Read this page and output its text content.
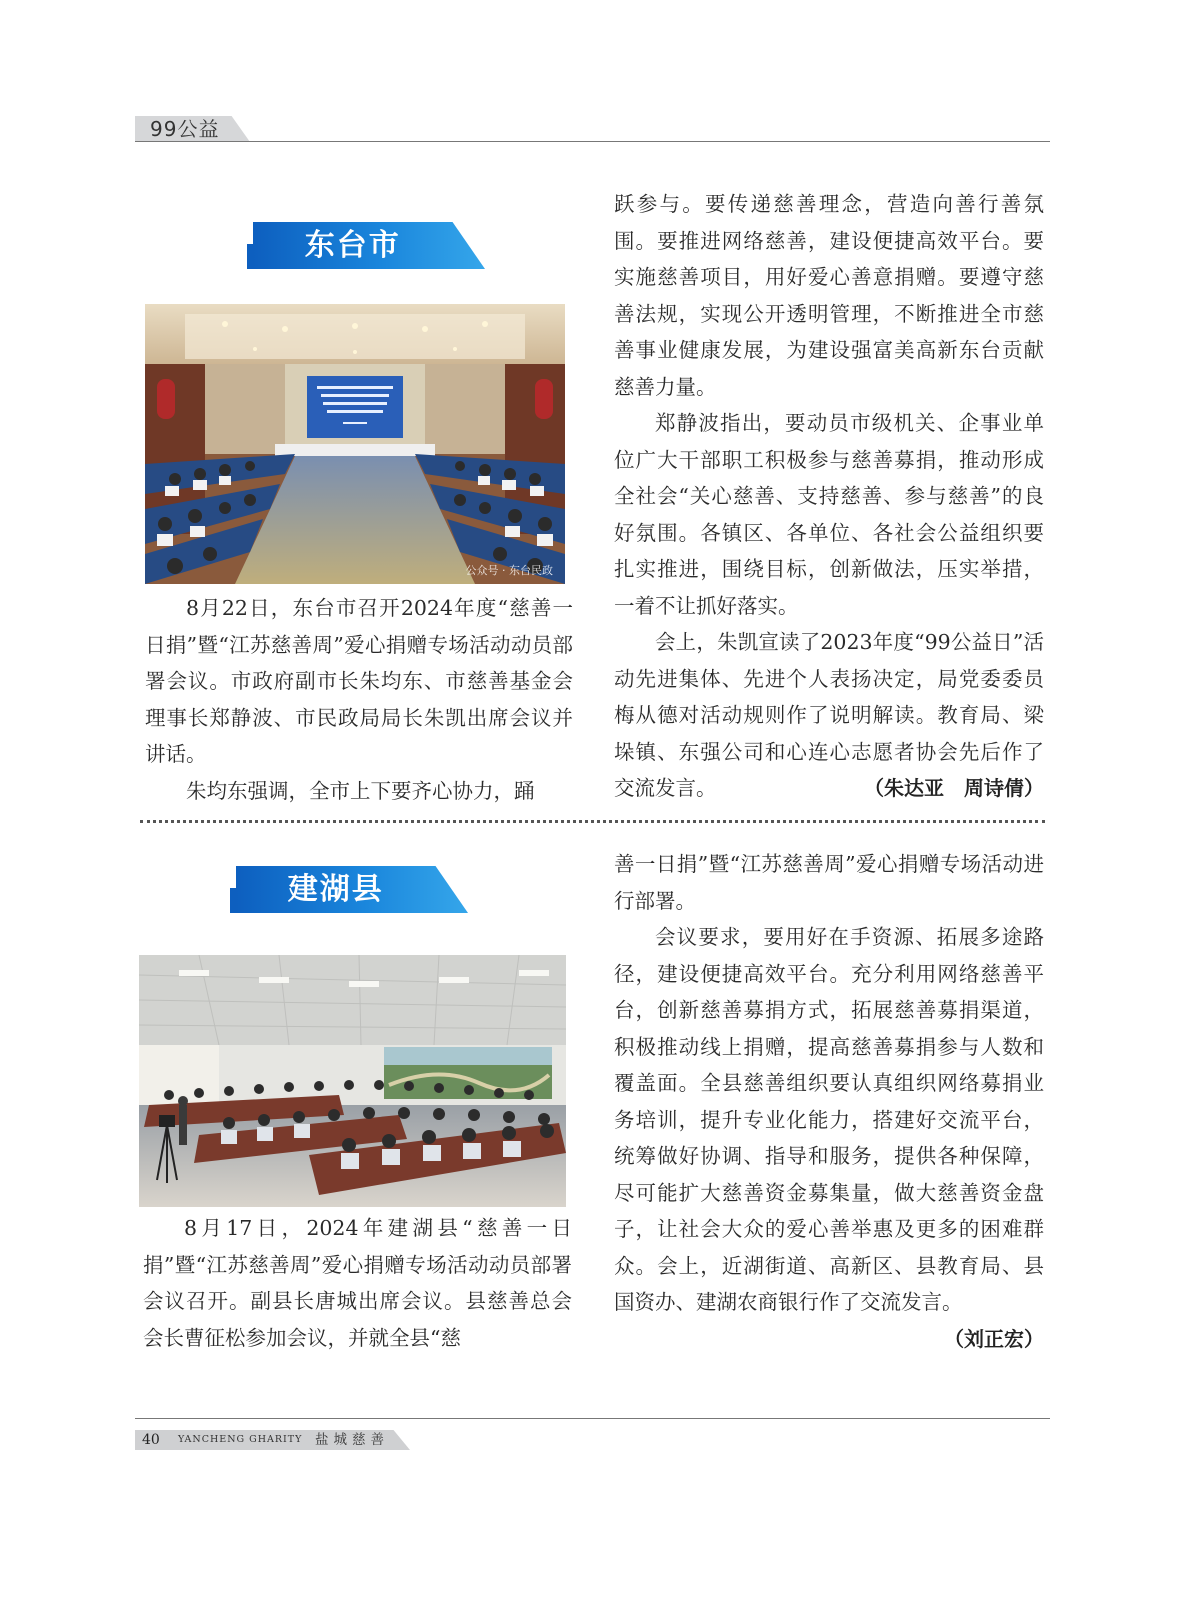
99公益
东台市
公众号 · 东台民政

8月22日，东台市召开2024年度“慈善一日捐”暨“江苏慈善周”爱心捐赠专场活动动员部署会议。市政府副市长朱均东、市慈善基金会理事长郑静波、市民政局局长朱凯出席会议并讲话。

朱均东强调，全市上下要齐心协力，踊

跃参与。要传递慈善理念，营造向善行善氛围。要推进网络慈善，建设便捷高效平台。要实施慈善项目，用好爱心善意捐赠。要遵守慈善法规，实现公开透明管理，不断推进全市慈善事业健康发展，为建设强富美高新东台贡献慈善力量。

郑静波指出，要动员市级机关、企事业单位广大干部职工积极参与慈善募捐，推动形成全社会“关心慈善、支持慈善、参与慈善”的良好氛围。各镇区、各单位、各社会公益组织要扎实推进，围绕目标，创新做法，压实举措，一着不让抓好落实。

会上，朱凯宣读了2023年度“99公益日”活动先进集体、先进个人表扬决定，局党委委员梅从德对活动规则作了说明解读。教育局、梁垛镇、东强公司和心连心志愿者协会先后作了交流发言。	（朱达亚　周诗倩）

建湖县

8月17日，2024年建湖县“慈善一日捐”暨“江苏慈善周”爱心捐赠专场活动动员部署会议召开。副县长唐城出席会议。县慈善总会会长曹征松参加会议，并就全县“慈

善一日捐”暨“江苏慈善周”爱心捐赠专场活动进行部署。

会议要求，要用好在手资源、拓展多途路径，建设便捷高效平台。充分利用网络慈善平台，创新慈善募捐方式，拓展慈善募捐渠道，积极推动线上捐赠，提高慈善募捐参与人数和覆盖面。全县慈善组织要认真组织网络募捐业务培训，提升专业化能力，搭建好交流平台，统筹做好协调、指导和服务，提供各种保障，尽可能扩大慈善资金募集量，做大慈善资金盘子，让社会大众的爱心善举惠及更多的困难群众。会上，近湖街道、高新区、县教育局、县国资办、建湖农商银行作了交流发言。
（刘正宏）

40 YANCHENG GHARITY 盐城慈善
